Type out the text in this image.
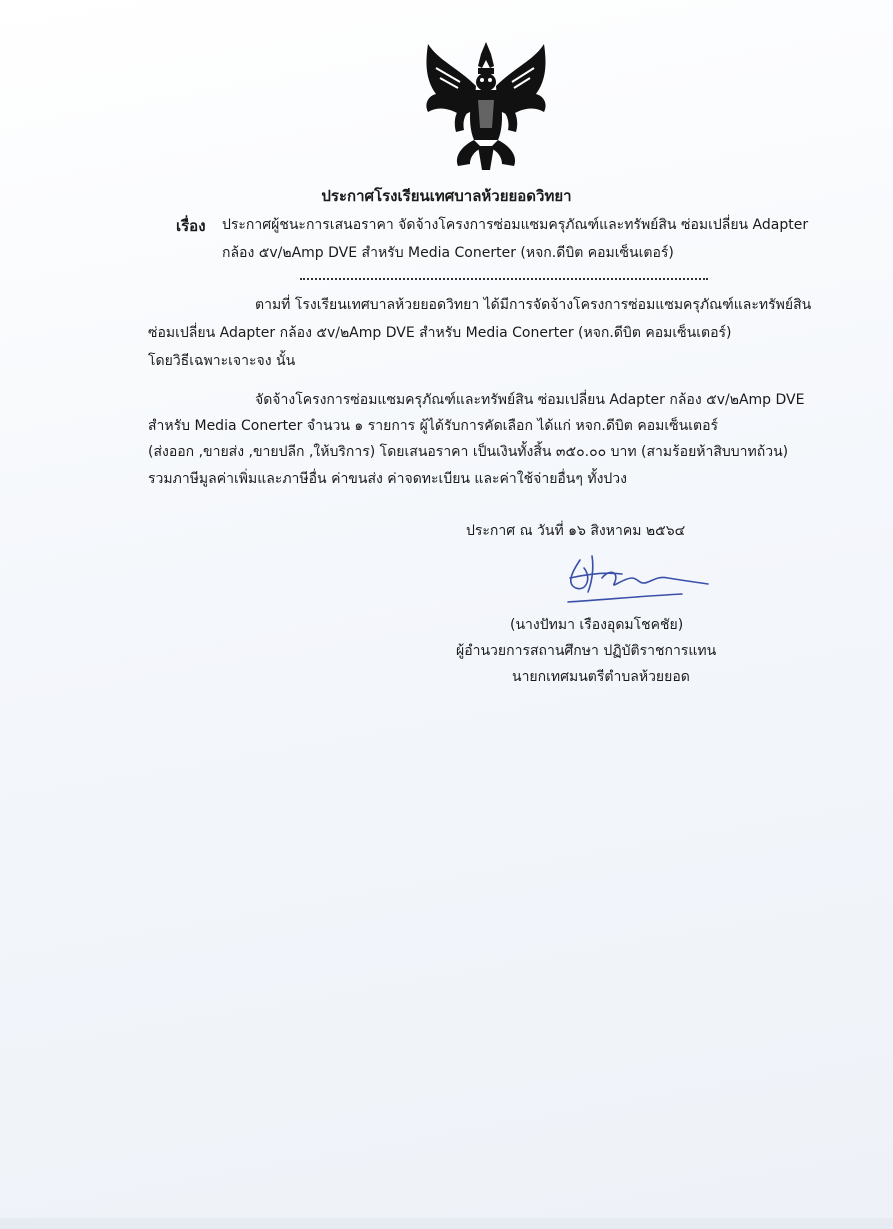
ประกาศโรงเรียนเทศบาลห้วยยอดวิทยา
เรื่อง ประกาศผู้ชนะการเสนอราคา จัดจ้างโครงการซ่อมแซมครุภัณฑ์และทรัพย์สิน ซ่อมเปลี่ยน Adapter
กล้อง ๕v/๒Amp DVE สำหรับ Media Conerter (หจก.ดีบิต คอมเซ็นเตอร์)
ตามที่ โรงเรียนเทศบาลห้วยยอดวิทยา ได้มีการจัดจ้างโครงการซ่อมแซมครุภัณฑ์และทรัพย์สิน
ซ่อมเปลี่ยน Adapter กล้อง ๕v/๒Amp DVE สำหรับ Media Conerter (หจก.ดีบิต คอมเซ็นเตอร์)
โดยวิธีเฉพาะเจาะจง นั้น
จัดจ้างโครงการซ่อมแซมครุภัณฑ์และทรัพย์สิน ซ่อมเปลี่ยน Adapter กล้อง ๕v/๒Amp DVE
สำหรับ Media Conerter จำนวน ๑ รายการ ผู้ได้รับการคัดเลือก ได้แก่ หจก.ดีบิต คอมเซ็นเตอร์
(ส่งออก ,ขายส่ง ,ขายปลีก ,ให้บริการ) โดยเสนอราคา เป็นเงินทั้งสิ้น ๓๕๐.๐๐ บาท (สามร้อยห้าสิบบาทถ้วน)
รวมภาษีมูลค่าเพิ่มและภาษีอื่น ค่าขนส่ง ค่าจดทะเบียน และค่าใช้จ่ายอื่นๆ ทั้งปวง
ประกาศ ณ วันที่ ๑๖ สิงหาคม ๒๕๖๔
(นางปัทมา เรืองอุดมโชคชัย)
ผู้อำนวยการสถานศึกษา ปฏิบัติราชการแทน
นายกเทศมนตรีตำบลห้วยยอด
